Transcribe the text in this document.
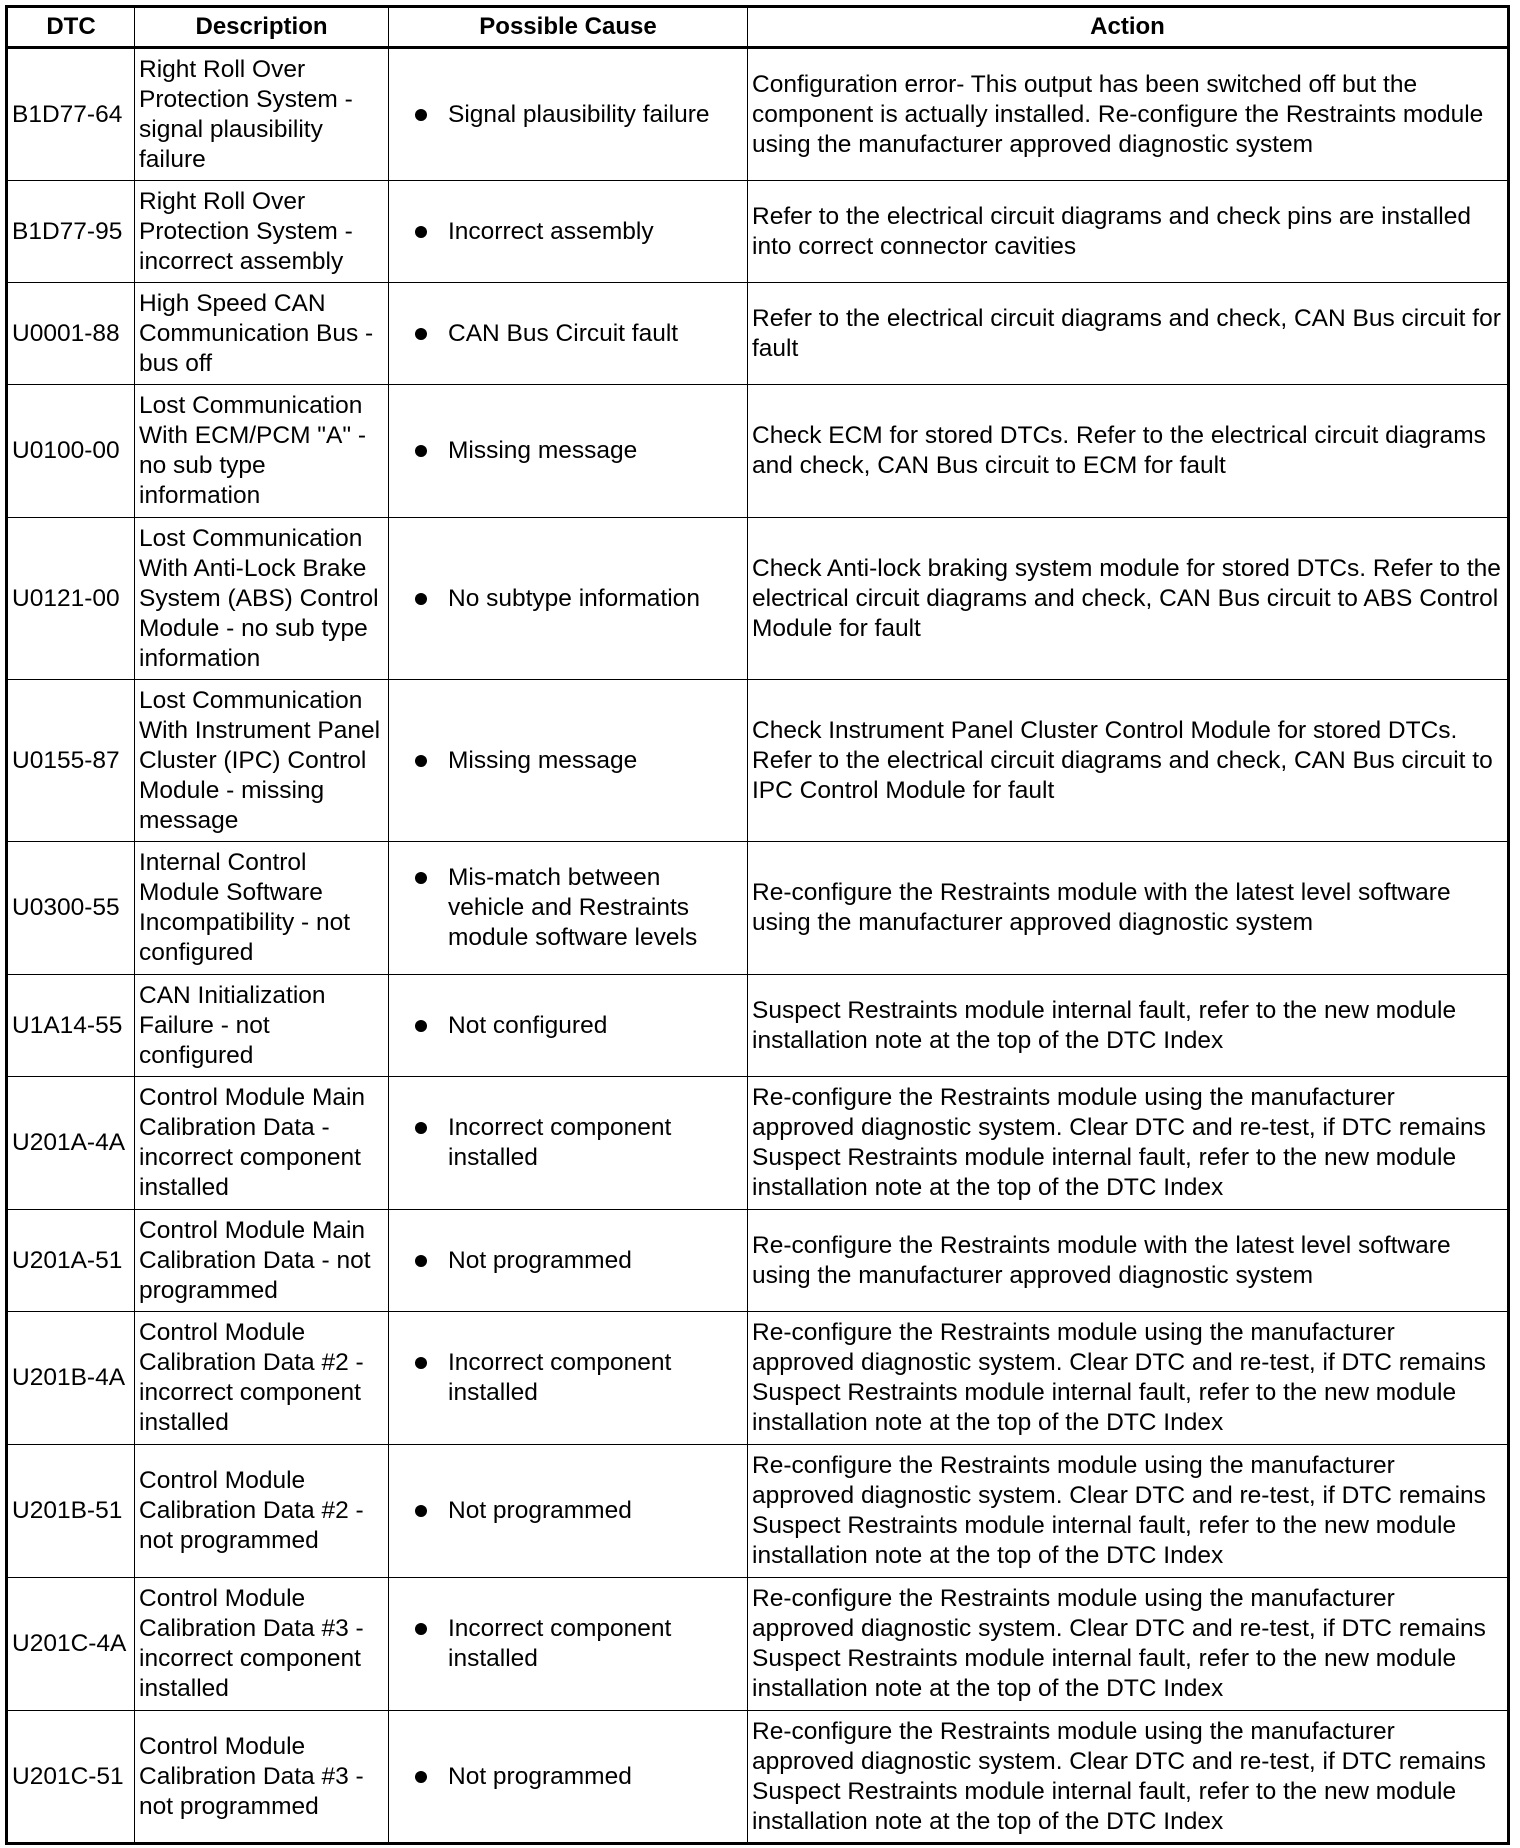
DTC	Description	Possible Cause	Action
B1D77-64	Right Roll Over Protection System - signal plausibility failure	Signal plausibility failure	Configuration error- This output has been switched off but the component is actually installed. Re-configure the Restraints module using the manufacturer approved diagnostic system
B1D77-95	Right Roll Over Protection System - incorrect assembly	Incorrect assembly	Refer to the electrical circuit diagrams and check pins are installed into correct connector cavities
U0001-88	High Speed CAN Communication Bus - bus off	CAN Bus Circuit fault	Refer to the electrical circuit diagrams and check, CAN Bus circuit for fault
U0100-00	Lost Communication With ECM/PCM "A" - no sub type information	Missing message	Check ECM for stored DTCs. Refer to the electrical circuit diagrams and check, CAN Bus circuit to ECM for fault
U0121-00	Lost Communication With Anti-Lock Brake System (ABS) Control Module - no sub type information	No subtype information	Check Anti-lock braking system module for stored DTCs. Refer to the electrical circuit diagrams and check, CAN Bus circuit to ABS Control Module for fault
U0155-87	Lost Communication With Instrument Panel Cluster (IPC) Control Module - missing message	Missing message	Check Instrument Panel Cluster Control Module for stored DTCs. Refer to the electrical circuit diagrams and check, CAN Bus circuit to IPC Control Module for fault
U0300-55	Internal Control Module Software Incompatibility - not configured	Mis-match between vehicle and Restraints module software levels	Re-configure the Restraints module with the latest level software using the manufacturer approved diagnostic system
U1A14-55	CAN Initialization Failure - not configured	Not configured	Suspect Restraints module internal fault, refer to the new module installation note at the top of the DTC Index
U201A-4A	Control Module Main Calibration Data - incorrect component installed	Incorrect component installed	Re-configure the Restraints module using the manufacturer approved diagnostic system. Clear DTC and re-test, if DTC remains Suspect Restraints module internal fault, refer to the new module installation note at the top of the DTC Index
U201A-51	Control Module Main Calibration Data - not programmed	Not programmed	Re-configure the Restraints module with the latest level software using the manufacturer approved diagnostic system
U201B-4A	Control Module Calibration Data #2 - incorrect component installed	Incorrect component installed	Re-configure the Restraints module using the manufacturer approved diagnostic system. Clear DTC and re-test, if DTC remains Suspect Restraints module internal fault, refer to the new module installation note at the top of the DTC Index
U201B-51	Control Module Calibration Data #2 - not programmed	Not programmed	Re-configure the Restraints module using the manufacturer approved diagnostic system. Clear DTC and re-test, if DTC remains Suspect Restraints module internal fault, refer to the new module installation note at the top of the DTC Index
U201C-4A	Control Module Calibration Data #3 - incorrect component installed	Incorrect component installed	Re-configure the Restraints module using the manufacturer approved diagnostic system. Clear DTC and re-test, if DTC remains Suspect Restraints module internal fault, refer to the new module installation note at the top of the DTC Index
U201C-51	Control Module Calibration Data #3 - not programmed	Not programmed	Re-configure the Restraints module using the manufacturer approved diagnostic system. Clear DTC and re-test, if DTC remains Suspect Restraints module internal fault, refer to the new module installation note at the top of the DTC Index
